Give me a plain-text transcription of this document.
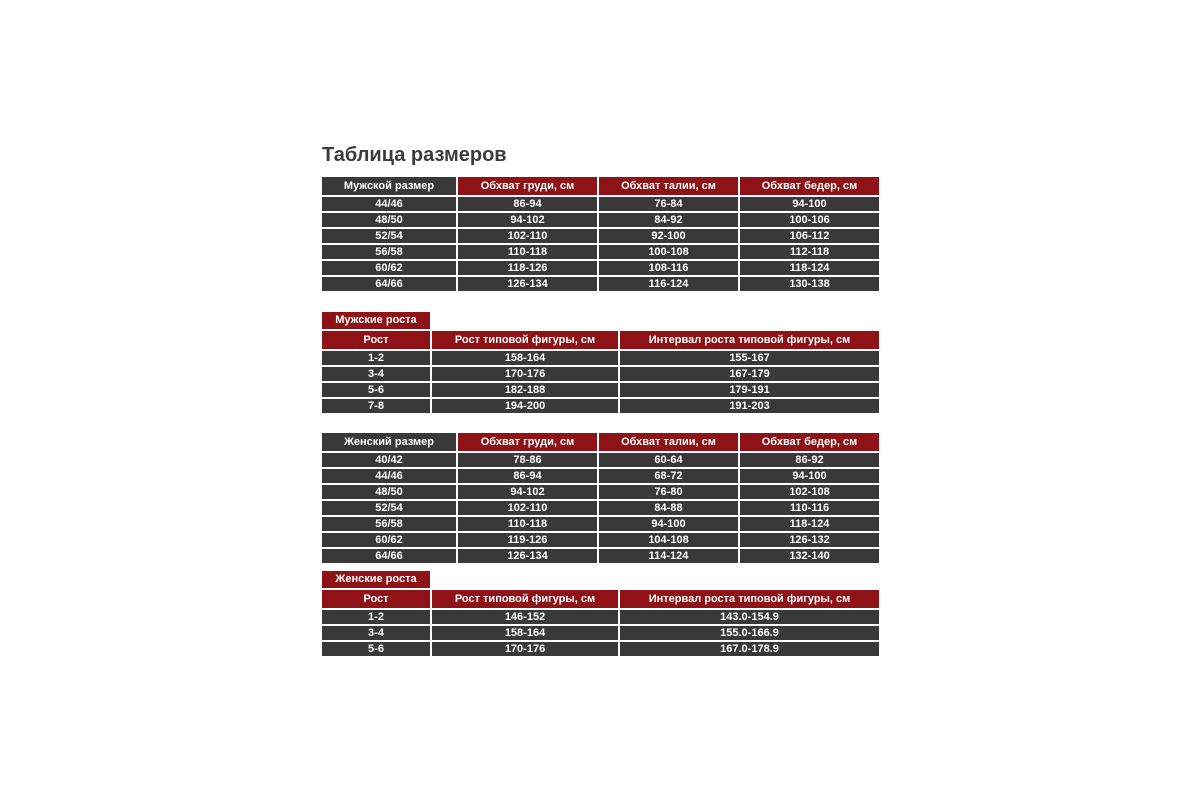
Таблица размеров
Мужской размер	Обхват груди, см	Обхват талии, см	Обхват бедер, см
44/46	86-94	76-84	94-100
48/50	94-102	84-92	100-106
52/54	102-110	92-100	106-112
56/58	110-118	100-108	112-118
60/62	118-126	108-116	118-124
64/66	126-134	116-124	130-138
Мужские роста
Рост	Рост типовой фигуры, см	Интервал роста типовой фигуры, см
1-2	158-164	155-167
3-4	170-176	167-179
5-6	182-188	179-191
7-8	194-200	191-203
Женский размер	Обхват груди, см	Обхват талии, см	Обхват бедер, см
40/42	78-86	60-64	86-92
44/46	86-94	68-72	94-100
48/50	94-102	76-80	102-108
52/54	102-110	84-88	110-116
56/58	110-118	94-100	118-124
60/62	119-126	104-108	126-132
64/66	126-134	114-124	132-140
Женские роста
Рост	Рост типовой фигуры, см	Интервал роста типовой фигуры, см
1-2	146-152	143.0-154.9
3-4	158-164	155.0-166.9
5-6	170-176	167.0-178.9
